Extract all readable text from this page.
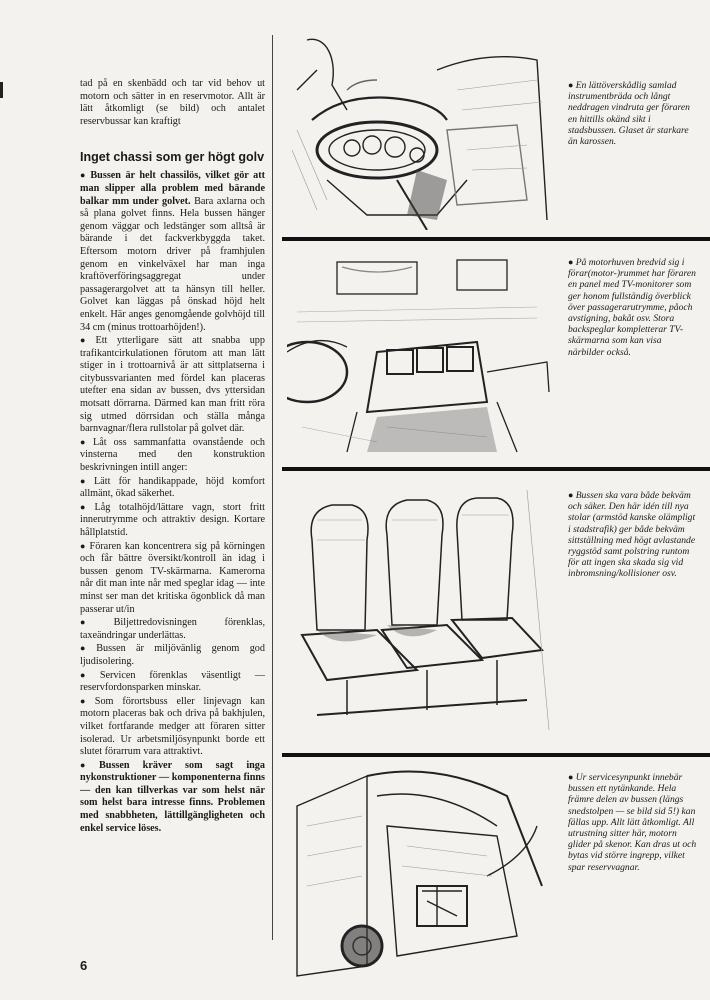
tad på en skenbädd och tar vid behov ut motorn och sätter in en reservmotor. Allt är lätt åtkomligt (se bild) och antalet reservbussar kan kraftigt

Inget chassi som ger högt golv

● Bussen är helt chassilös, vilket gör att man slipper alla problem med bärande balkar mm under golvet. Bara axlarna och så plana golvet finns. Hela bussen hänger genom väggar och ledstänger som alltså är bärande i det fackverkbyggda taket. Eftersom motorn driver på framhjulen genom en vinkelväxel har man inga kraftöverföringsaggregat under passagerargolvet att ta hänsyn till heller. Golvet kan läggas på önskad höjd helt enkelt. Här anges genomgående golvhöjd till 34 cm (minus trottoarhöjden!).

● Ett ytterligare sätt att snabba upp trafikantcirkulationen förutom att man lätt stiger in i trottoarnivå är att sittplatserna i citybussvarianten med fördel kan placeras utefter ena sidan av bussen, dvs yttersidan motsatt dörrarna. Därmed kan man fritt röra sig utmed dörrsidan och ställa många barnvagnar/flera rullstolar på golvet där.

● Låt oss sammanfatta ovanstående och vinsterna med den konstruktion beskrivningen intill anger:

● Lätt för handikappade, höjd komfort allmänt, ökad säkerhet.

● Låg totalhöjd/lättare vagn, stort fritt innerutrymme och attraktiv design. Kortare hållplatstid.

● Föraren kan koncentrera sig på körningen och får bättre översikt/kontroll än idag i bussen genom TV-skärmarna. Kamerorna når dit man inte når med speglar idag — inte minst ser man det kritiska ögonblick då man passerar ut/in

● Biljettredovisningen förenklas, taxeändringar underlättas.

● Bussen är miljövänlig genom god ljudisolering.

● Servicen förenklas väsentligt — reservfordonsparken minskar.

● Som förortsbuss eller linjevagn kan motorn placeras bak och driva på bakhjulen, vilket fortfarande medger att föraren sitter isolerad. Ur arbetsmiljösynpunkt borde ett slutet förarrum vara attraktivt.

● Bussen kräver som sagt inga nykonstruktioner — komponenterna finns — den kan tillverkas var som helst när som helst bara intresse finns. Problemen med snabbheten, lättillgängligheten och enkel service löses.

6
● En lättöverskådlig samlad instrumentbräda och långt neddragen vindruta ger föraren en hittills okänd sikt i stadsbussen. Glaset är starkare än karossen.
● På motorhuven bredvid sig i förar(motor-)rummet har föraren en panel med TV-monitorer som ger honom fullständig överblick över passagerarutrymme, påoch avstigning, bakåt osv. Stora backspeglar kompletterar TV-skärmarna som kan visa närbilder också.
● Bussen ska vara både bekväm och säker. Den här idén till nya stolar (armstöd kanske olämpligt i stadstrafik) ger både bekväm sittställning med högt avlastande ryggstöd samt polstring runtom för att ingen ska skada sig vid inbromsning/kollisioner osv.
● Ur servicesynpunkt innebär bussen ett nytänkande. Hela främre delen av bussen (längs snedstolpen — se bild sid 5!) kan fällas upp. Allt lätt åtkomligt. All utrustning sitter här, motorn glider på skenor. Kan dras ut och bytas vid större ingrepp, vilket spar reservvagnar.
